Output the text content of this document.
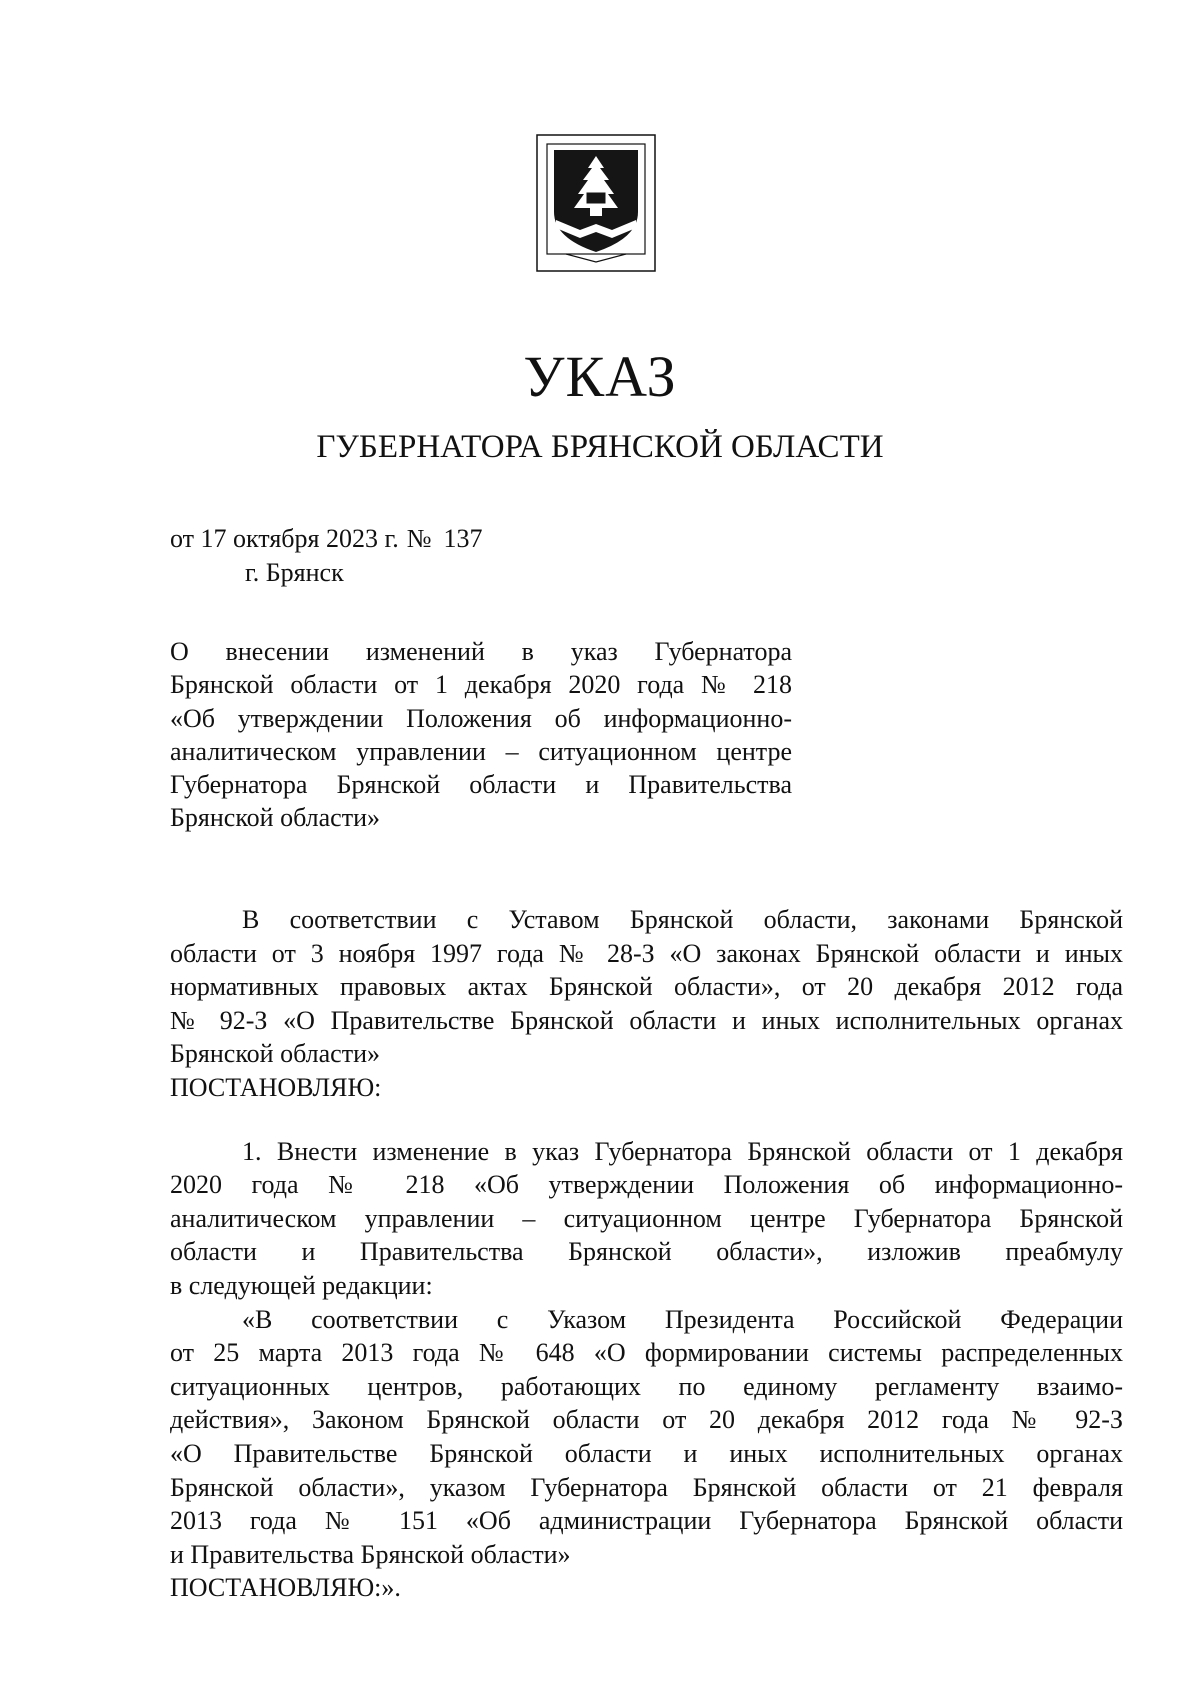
УКАЗ
ГУБЕРНАТОРА БРЯНСКОЙ ОБЛАСТИ
от 17 октября 2023 г. № 137
г. Брянск
О внесении изменений в указ Губернатора
Брянской области от 1 декабря 2020 года № 218
«Об утверждении Положения об информационно-
аналитическом управлении – ситуационном центре
Губернатора Брянской области и Правительства
Брянской области»
В соответствии с Уставом Брянской области, законами Брянской
области от 3 ноября 1997 года № 28-З «О законах Брянской области и иных
нормативных правовых актах Брянской области», от 20 декабря 2012 года
№ 92-З «О Правительстве Брянской области и иных исполнительных органах
Брянской области»
ПОСТАНОВЛЯЮ:
1. Внести изменение в указ Губернатора Брянской области от 1 декабря
2020 года № 218 «Об утверждении Положения об информационно-
аналитическом управлении – ситуационном центре Губернатора Брянской
области и Правительства Брянской области», изложив преабмулу
в следующей редакции:
«В соответствии с Указом Президента Российской Федерации
от 25 марта 2013 года № 648 «О формировании системы распределенных
ситуационных центров, работающих по единому регламенту взаимо-
действия», Законом Брянской области от 20 декабря 2012 года № 92-З
«О Правительстве Брянской области и иных исполнительных органах
Брянской области», указом Губернатора Брянской области от 21 февраля
2013 года № 151 «Об администрации Губернатора Брянской области
и Правительства Брянской области»
ПОСТАНОВЛЯЮ:».
